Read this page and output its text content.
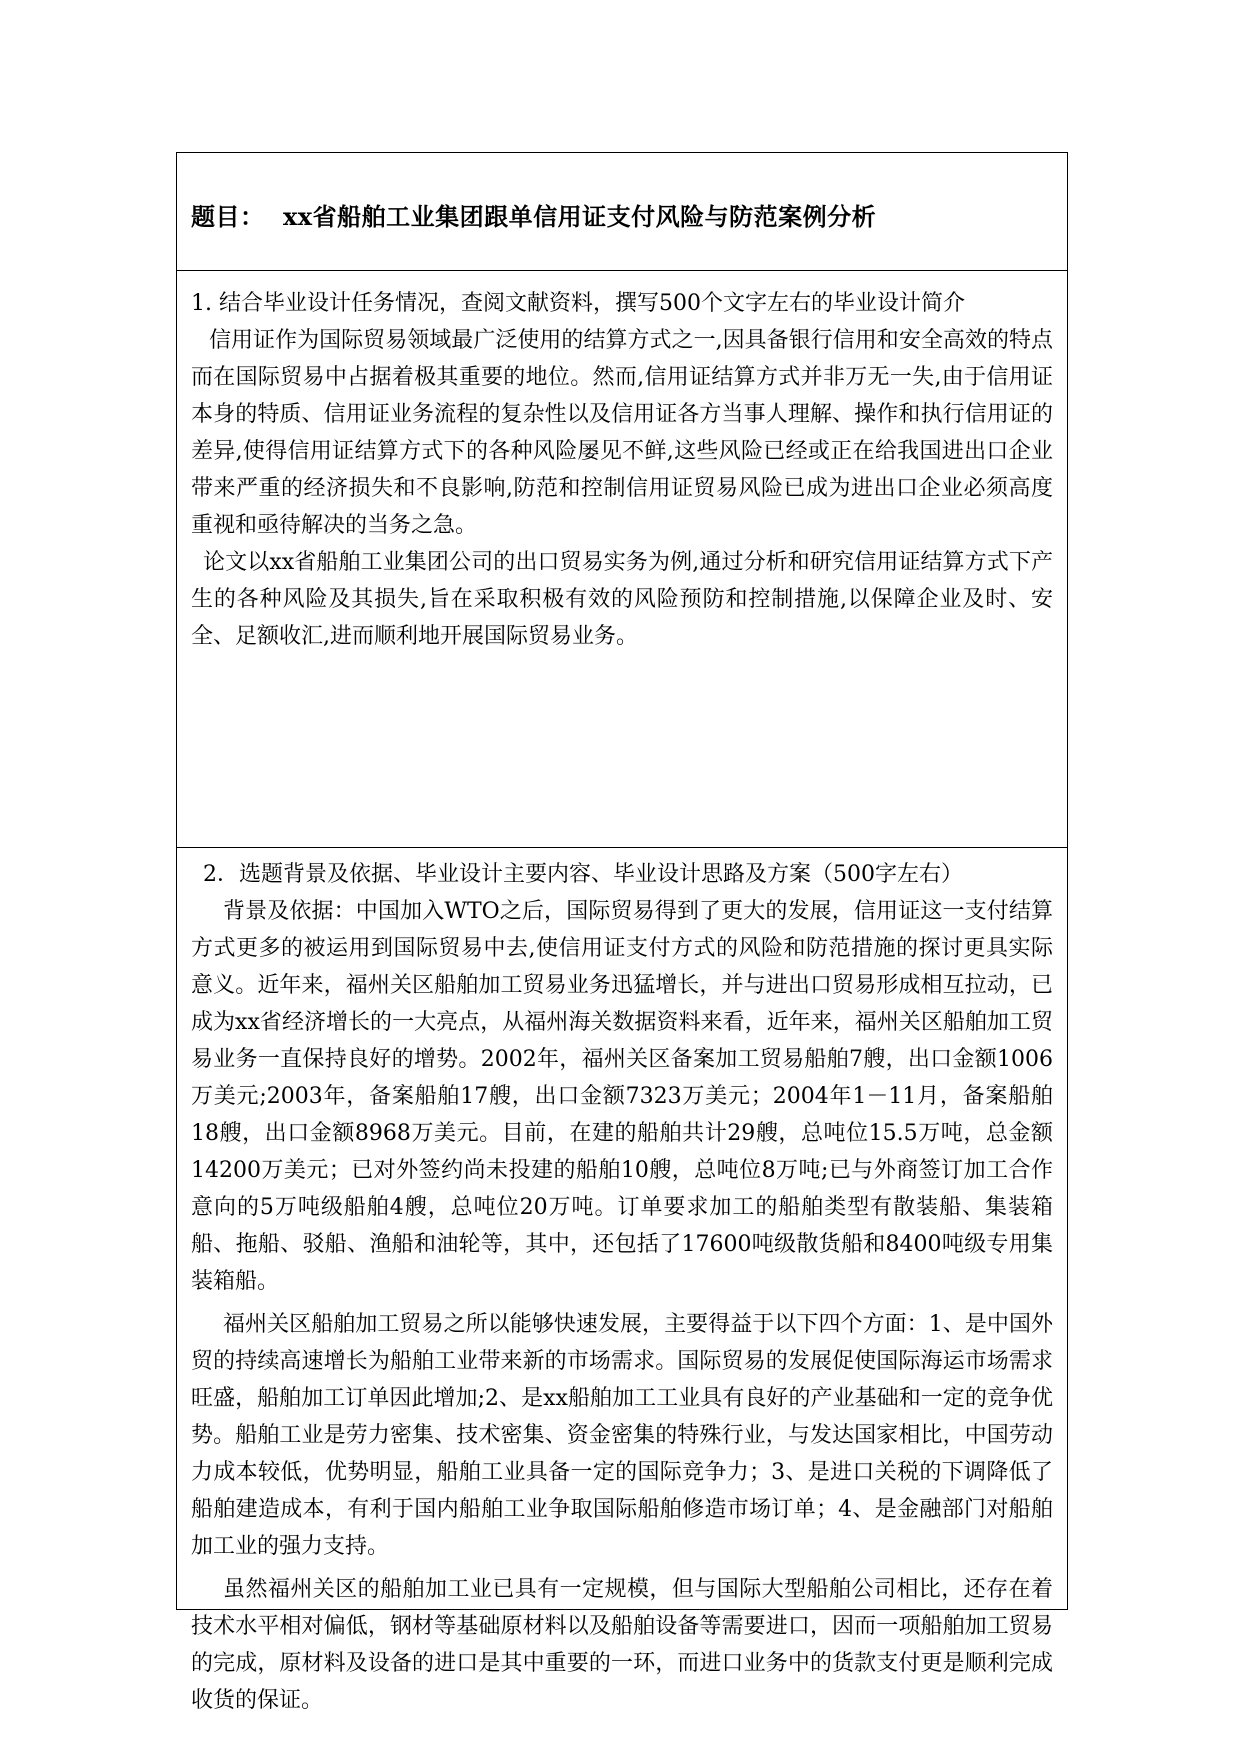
题目： xx省船舶工业集团跟单信用证支付风险与防范案例分析

1. 结合毕业设计任务情况，查阅文献资料，撰写500个文字左右的毕业设计简介

信用证作为国际贸易领域最广泛使用的结算方式之一,因具备银行信用和安全高效的特点而在国际贸易中占据着极其重要的地位。然而,信用证结算方式并非万无一失,由于信用证本身的特质、信用证业务流程的复杂性以及信用证各方当事人理解、操作和执行信用证的差异,使得信用证结算方式下的各种风险屡见不鲜,这些风险已经或正在给我国进出口企业带来严重的经济损失和不良影响,防范和控制信用证贸易风险已成为进出口企业必须高度重视和亟待解决的当务之急。

论文以xx省船舶工业集团公司的出口贸易实务为例,通过分析和研究信用证结算方式下产生的各种风险及其损失,旨在采取积极有效的风险预防和控制措施,以保障企业及时、安全、足额收汇,进而顺利地开展国际贸易业务。

2．选题背景及依据、毕业设计主要内容、毕业设计思路及方案（500字左右）

背景及依据：中国加入WTO之后，国际贸易得到了更大的发展，信用证这一支付结算方式更多的被运用到国际贸易中去,使信用证支付方式的风险和防范措施的探讨更具实际意义。近年来，福州关区船舶加工贸易业务迅猛增长，并与进出口贸易形成相互拉动，已成为xx省经济增长的一大亮点，从福州海关数据资料来看，近年来，福州关区船舶加工贸易业务一直保持良好的增势。2002年，福州关区备案加工贸易船舶7艘，出口金额1006万美元;2003年，备案船舶17艘，出口金额7323万美元；2004年1－11月，备案船舶18艘，出口金额8968万美元。目前，在建的船舶共计29艘，总吨位15.5万吨，总金额14200万美元；已对外签约尚未投建的船舶10艘，总吨位8万吨;已与外商签订加工合作意向的5万吨级船舶4艘，总吨位20万吨。订单要求加工的船舶类型有散装船、集装箱船、拖船、驳船、渔船和油轮等，其中，还包括了17600吨级散货船和8400吨级专用集装箱船。

福州关区船舶加工贸易之所以能够快速发展，主要得益于以下四个方面：1、是中国外贸的持续高速增长为船舶工业带来新的市场需求。国际贸易的发展促使国际海运市场需求旺盛，船舶加工订单因此增加;2、是xx船舶加工工业具有良好的产业基础和一定的竞争优势。船舶工业是劳力密集、技术密集、资金密集的特殊行业，与发达国家相比，中国劳动力成本较低，优势明显，船舶工业具备一定的国际竞争力；3、是进口关税的下调降低了船舶建造成本，有利于国内船舶工业争取国际船舶修造市场订单；4、是金融部门对船舶加工业的强力支持。

虽然福州关区的船舶加工业已具有一定规模，但与国际大型船舶公司相比，还存在着技术水平相对偏低，钢材等基础原材料以及船舶设备等需要进口，因而一项船舶加工贸易的完成，原材料及设备的进口是其中重要的一环，而进口业务中的货款支付更是顺利完成收货的保证。
